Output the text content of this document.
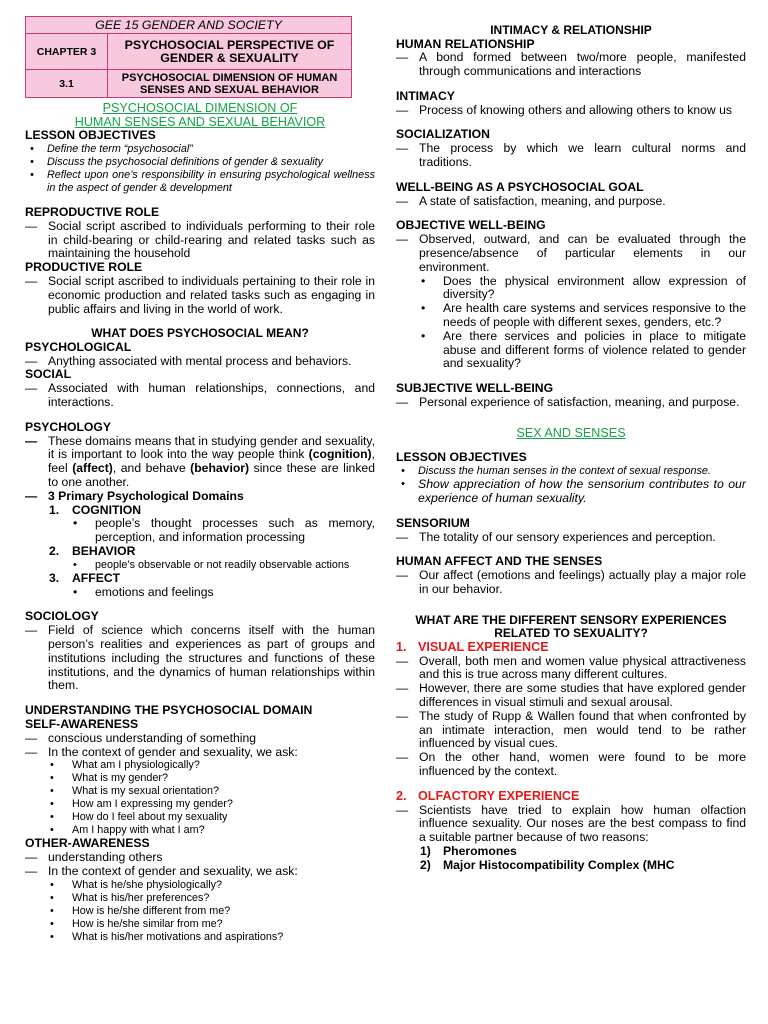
GEE 15 GENDER AND SOCIETY	
CHAPTER 3	PSYCHOSOCIAL PERSPECTIVE OF GENDER & SEXUALITY
3.1	PSYCHOSOCIAL DIMENSION OF HUMAN SENSES AND SEXUAL BEHAVIOR
PSYCHOSOCIAL DIMENSION OF
HUMAN SENSES AND SEXUAL BEHAVIOR
LESSON OBJECTIVES
• Define the term “psychosocial”
• Discuss the psychosocial definitions of gender & sexuality
• Reflect upon one’s responsibility in ensuring psychological wellness in the aspect of gender & development
REPRODUCTIVE ROLE
— Social script ascribed to individuals performing to their role in child-bearing or child-rearing and related tasks such as maintaining the household
PRODUCTIVE ROLE
— Social script ascribed to individuals pertaining to their role in economic production and related tasks such as engaging in public affairs and living in the world of work.
WHAT DOES PSYCHOSOCIAL MEAN?
PSYCHOLOGICAL
— Anything associated with mental process and behaviors.
SOCIAL
— Associated with human relationships, connections, and interactions.
PSYCHOLOGY
— These domains means that in studying gender and sexuality, it is important to look into the way people think (cognition), feel (affect), and behave (behavior) since these are linked to one another.
— 3 Primary Psychological Domains
1. COGNITION
• people’s thought processes such as memory, perception, and information processing
2. BEHAVIOR
• people’s observable or not readily observable actions
3. AFFECT
• emotions and feelings
SOCIOLOGY
— Field of science which concerns itself with the human person’s realities and experiences as part of groups and institutions including the structures and functions of these institutions, and the dynamics of human relationships within them.
UNDERSTANDING THE PSYCHOSOCIAL DOMAIN
SELF-AWARENESS
— conscious understanding of something
— In the context of gender and sexuality, we ask:
• What am I physiologically?
• What is my gender?
• What is my sexual orientation?
• How am I expressing my gender?
• How do I feel about my sexuality
• Am I happy with what I am?
OTHER-AWARENESS
— understanding others
— In the context of gender and sexuality, we ask:
• What is he/she physiologically?
• What is his/her preferences?
• How is he/she different from me?
• How is he/she similar from me?
• What is his/her motivations and aspirations?
INTIMACY & RELATIONSHIP
HUMAN RELATIONSHIP
— A bond formed between two/more people, manifested through communications and interactions
INTIMACY
— Process of knowing others and allowing others to know us
SOCIALIZATION
— The process by which we learn cultural norms and traditions.
WELL-BEING AS A PSYCHOSOCIAL GOAL
— A state of satisfaction, meaning, and purpose.
OBJECTIVE WELL-BEING
— Observed, outward, and can be evaluated through the presence/absence of particular elements in our environment.
• Does the physical environment allow expression of diversity?
• Are health care systems and services responsive to the needs of people with different sexes, genders, etc.?
• Are there services and policies in place to mitigate abuse and different forms of violence related to gender and sexuality?
SUBJECTIVE WELL-BEING
— Personal experience of satisfaction, meaning, and purpose.
SEX AND SENSES
LESSON OBJECTIVES
• Discuss the human senses in the context of sexual response.
• Show appreciation of how the sensorium contributes to our experience of human sexuality.
SENSORIUM
— The totality of our sensory experiences and perception.
HUMAN AFFECT AND THE SENSES
— Our affect (emotions and feelings) actually play a major role in our behavior.
WHAT ARE THE DIFFERENT SENSORY EXPERIENCES RELATED TO SEXUALITY?
1. VISUAL EXPERIENCE
— Overall, both men and women value physical attractiveness and this is true across many different cultures.
— However, there are some studies that have explored gender differences in visual stimuli and sexual arousal.
— The study of Rupp & Wallen found that when confronted by an intimate interaction, men would tend to be rather influenced by visual cues.
— On the other hand, women were found to be more influenced by the context.
2. OLFACTORY EXPERIENCE
— Scientists have tried to explain how human olfaction influence sexuality. Our noses are the best compass to find a suitable partner because of two reasons:
1) Pheromones
2) Major Histocompatibility Complex (MHC
